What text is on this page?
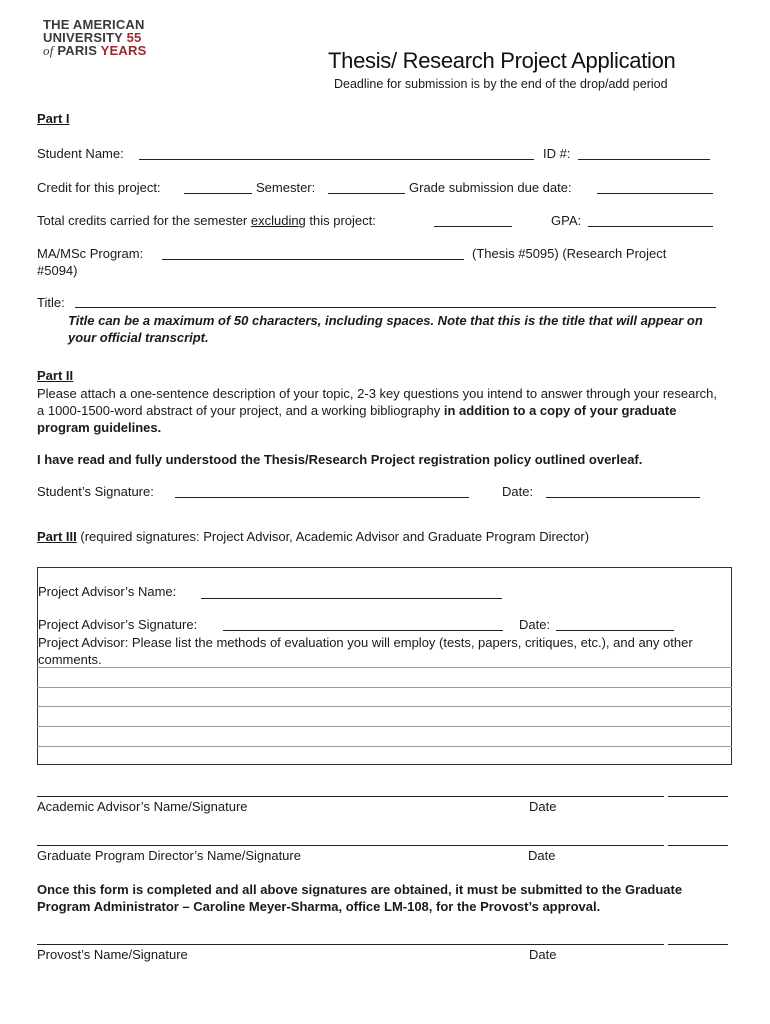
THE AMERICAN
UNIVERSITY 55
of PARIS YEARS	Thesis/ Research Project Application
Deadline for submission is by the end of the drop/add period
Part I
Student Name:	ID #:
Credit for this project:	Semester:	Grade submission due date:
Total credits carried for the semester excluding this project:	GPA:
MA/MSc Program:	(Thesis #5095) (Research Project
#5094)
Title:
Title can be a maximum of 50 characters, including spaces. Note that this is the title that will appear on your official transcript.
Part II
Please attach a one-sentence description of your topic, 2-3 key questions you intend to answer through your research, a 1000-1500-word abstract of your project, and a working bibliography in addition to a copy of your graduate program guidelines.
I have read and fully understood the Thesis/Research Project registration policy outlined overleaf.
Student’s Signature:	Date:
Part III (required signatures: Project Advisor, Academic Advisor and Graduate Program Director)
Project Advisor’s Name:
Project Advisor’s Signature:	Date:
Project Advisor: Please list the methods of evaluation you will employ (tests, papers, critiques, etc.), and any other comments.
Academic Advisor’s Name/Signature	Date
Graduate Program Director’s Name/Signature	Date
Once this form is completed and all above signatures are obtained, it must be submitted to the Graduate Program Administrator – Caroline Meyer-Sharma, office LM-108, for the Provost’s approval.
Provost’s Name/Signature	Date
